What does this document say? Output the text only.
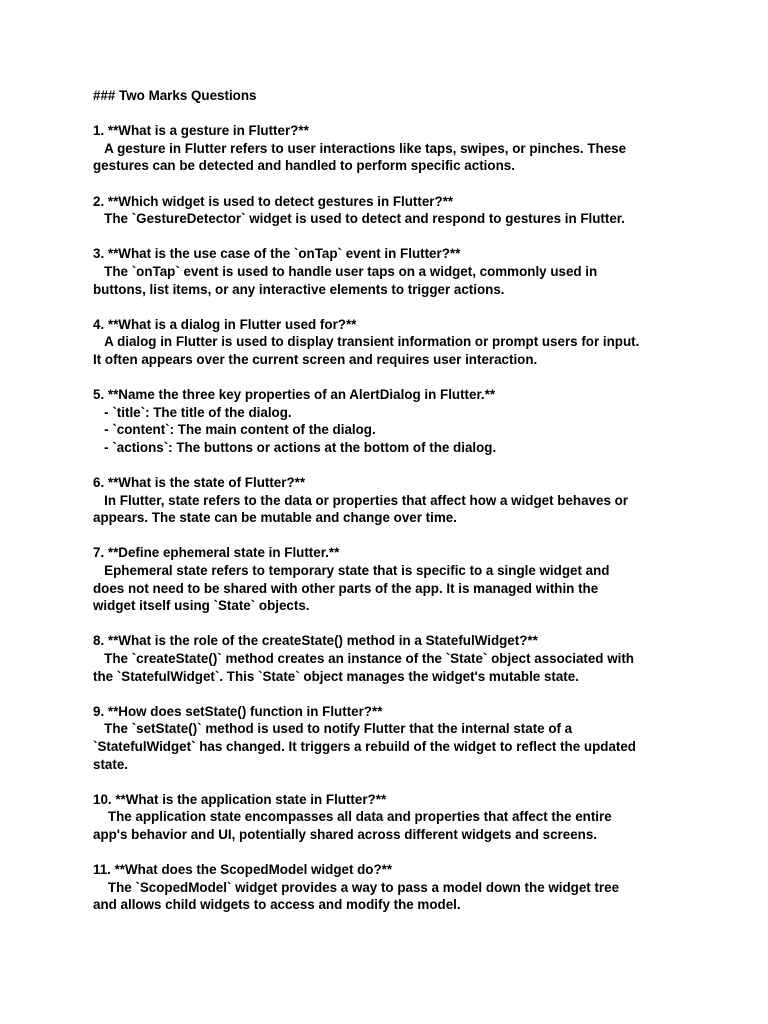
### Two Marks Questions
1. **What is a gesture in Flutter?**
A gesture in Flutter refers to user interactions like taps, swipes, or pinches. These
gestures can be detected and handled to perform specific actions.
2. **Which widget is used to detect gestures in Flutter?**
The `GestureDetector` widget is used to detect and respond to gestures in Flutter.
3. **What is the use case of the `onTap` event in Flutter?**
The `onTap` event is used to handle user taps on a widget, commonly used in
buttons, list items, or any interactive elements to trigger actions.
4. **What is a dialog in Flutter used for?**
A dialog in Flutter is used to display transient information or prompt users for input.
It often appears over the current screen and requires user interaction.
5. **Name the three key properties of an AlertDialog in Flutter.**
- `title`: The title of the dialog.
- `content`: The main content of the dialog.
- `actions`: The buttons or actions at the bottom of the dialog.
6. **What is the state of Flutter?**
In Flutter, state refers to the data or properties that affect how a widget behaves or
appears. The state can be mutable and change over time.
7. **Define ephemeral state in Flutter.**
Ephemeral state refers to temporary state that is specific to a single widget and
does not need to be shared with other parts of the app. It is managed within the
widget itself using `State` objects.
8. **What is the role of the createState() method in a StatefulWidget?**
The `createState()` method creates an instance of the `State` object associated with
the `StatefulWidget`. This `State` object manages the widget's mutable state.
9. **How does setState() function in Flutter?**
The `setState()` method is used to notify Flutter that the internal state of a
`StatefulWidget` has changed. It triggers a rebuild of the widget to reflect the updated
state.
10. **What is the application state in Flutter?**
The application state encompasses all data and properties that affect the entire
app's behavior and UI, potentially shared across different widgets and screens.
11. **What does the ScopedModel widget do?**
The `ScopedModel` widget provides a way to pass a model down the widget tree
and allows child widgets to access and modify the model.
